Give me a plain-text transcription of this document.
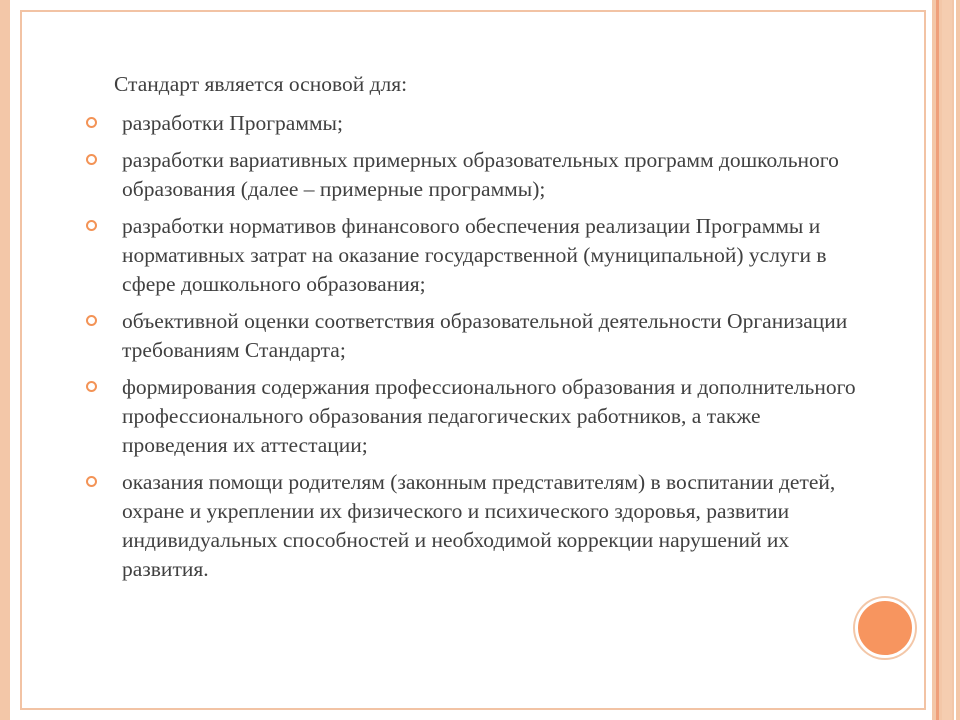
Стандарт является основой для:
разработки Программы;
разработки вариативных примерных образовательных программ дошкольного образования (далее – примерные программы);
разработки нормативов финансового обеспечения реализации Программы и нормативных затрат на оказание государственной (муниципальной) услуги в сфере дошкольного образования;
объективной оценки соответствия образовательной деятельности Организации требованиям Стандарта;
формирования содержания профессионального образования и дополнительного профессионального образования педагогических работников, а также проведения их аттестации;
оказания помощи родителям (законным представителям) в воспитании детей, охране и укреплении их физического и психического здоровья, развитии индивидуальных способностей и необходимой коррекции нарушений их развития.
